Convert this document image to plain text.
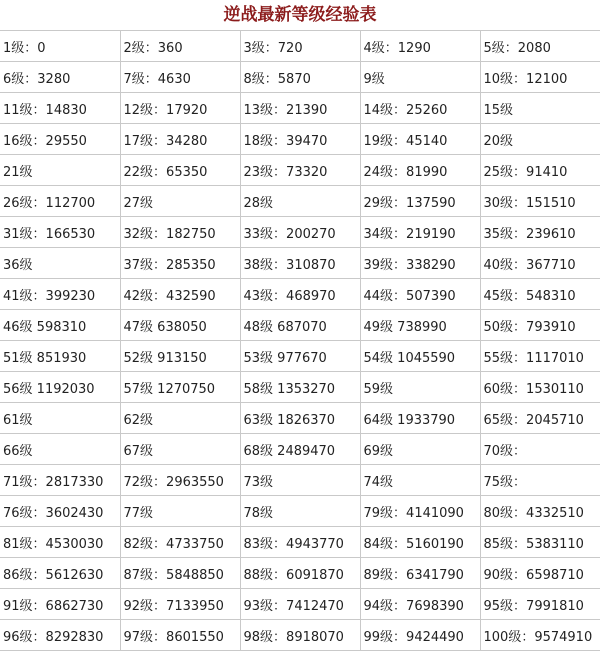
逆战最新等级经验表
1级：0	2级：360	3级：720	4级：1290	5级：2080
6级：3280	7级：4630	8级：5870	9级	10级：12100
11级：14830	12级：17920	13级：21390	14级：25260	15级
16级：29550	17级：34280	18级：39470	19级：45140	20级
21级	22级：65350	23级：73320	24级：81990	25级：91410
26级：112700	27级	28级	29级：137590	30级：151510
31级：166530	32级：182750	33级：200270	34级：219190	35级：239610
36级	37级：285350	38级：310870	39级：338290	40级：367710
41级：399230	42级：432590	43级：468970	44级：507390	45级：548310
46级 598310	47级 638050	48级 687070	49级 738990	50级：793910
51级 851930	52级 913150	53级 977670	54级 1045590	55级：1117010
56级 1192030	57级 1270750	58级 1353270	59级	60级：1530110
61级	62级	63级 1826370	64级 1933790	65级：2045710
66级	67级	68级 2489470	69级	70级：
71级：2817330	72级：2963550	73级	74级	75级：
76级：3602430	77级	78级	79级：4141090	80级：4332510
81级：4530030	82级：4733750	83级：4943770	84级：5160190	85级：5383110
86级：5612630	87级：5848850	88级：6091870	89级：6341790	90级：6598710
91级：6862730	92级：7133950	93级：7412470	94级：7698390	95级：7991810
96级：8292830	97级：8601550	98级：8918070	99级：9424490	100级：9574910
